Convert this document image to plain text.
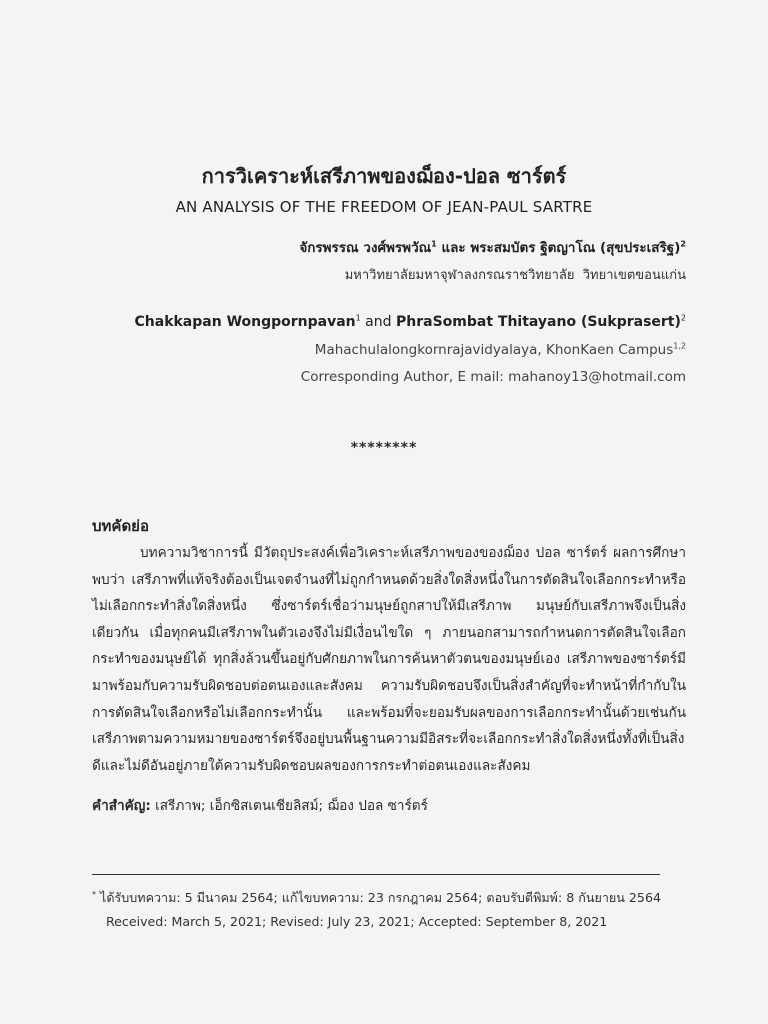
การวิเคราะห์เสรีภาพของฌ็อง-ปอล ซาร์ตร์
AN ANALYSIS OF THE FREEDOM OF JEAN-PAUL SARTRE
จักรพรรณ วงศ์พรพวัณ$^1$ และ พระสมบัตร ฐิตญาโณ (สุขประเสริฐ)$^2$
มหาวิทยาลัยมหาจุฬาลงกรณราชวิทยาลัย  วิทยาเขตขอนแก่น
Chakkapan Wongpornpavan$^1$ and PhraSombat Thitayano (Sukprasert)$^2$
Mahachulalongkornrajavidyalaya, KhonKaen Campus$^{1,2}$
Corresponding Author, E mail: mahanoy13@hotmail.com
********
บทคัดย่อ

บทความวิชาการนี้ มีวัตถุประสงค์เพื่อวิเคราะห์เสรีภาพของของฌ็อง ปอล ซาร์ตร์ ผลการศึกษาพบว่า เสรีภาพที่แท้จริงต้องเป็นเจตจำนงที่ไม่ถูกกำหนดด้วยสิ่งใดสิ่งหนึ่งในการตัดสินใจเลือกกระทำหรือไม่เลือกกระทำสิ่งใดสิ่งหนึ่ง ซึ่งซาร์ตร์เชื่อว่ามนุษย์ถูกสาปให้มีเสรีภาพ มนุษย์กับเสรีภาพจึงเป็นสิ่งเดียวกัน เมื่อทุกคนมีเสรีภาพในตัวเองจึงไม่มีเงื่อนไขใด ๆ ภายนอกสามารถกำหนดการตัดสินใจเลือกกระทำของมนุษย์ได้ ทุกสิ่งล้วนขึ้นอยู่กับศักยภาพในการค้นหาตัวตนของมนุษย์เอง เสรีภาพของซาร์ตร์มีมาพร้อมกับความรับผิดชอบต่อตนเองและสังคม ความรับผิดชอบจึงเป็นสิ่งสำคัญที่จะทำหน้าที่กำกับในการตัดสินใจเลือกหรือไม่เลือกกระทำนั้น และพร้อมที่จะยอมรับผลของการเลือกกระทำนั้นด้วยเช่นกัน เสรีภาพตามความหมายของซาร์ตร์จึงอยู่บนพื้นฐานความมีอิสระที่จะเลือกกระทำสิ่งใดสิ่งหนึ่งทั้งที่เป็นสิ่งดีและไม่ดีอันอยู่ภายใต้ความรับผิดชอบผลของการกระทำต่อตนเองและสังคม

คำสำคัญ: เสรีภาพ; เอ็กซิสเตนเชียลิสม์; ฌ็อง ปอล ซาร์ตร์
* ได้รับบทความ: 5 มีนาคม 2564; แก้ไขบทความ: 23 กรกฎาคม 2564; ตอบรับตีพิมพ์: 8 กันยายน 2564
Received: March 5, 2021; Revised: July 23, 2021; Accepted: September 8, 2021
